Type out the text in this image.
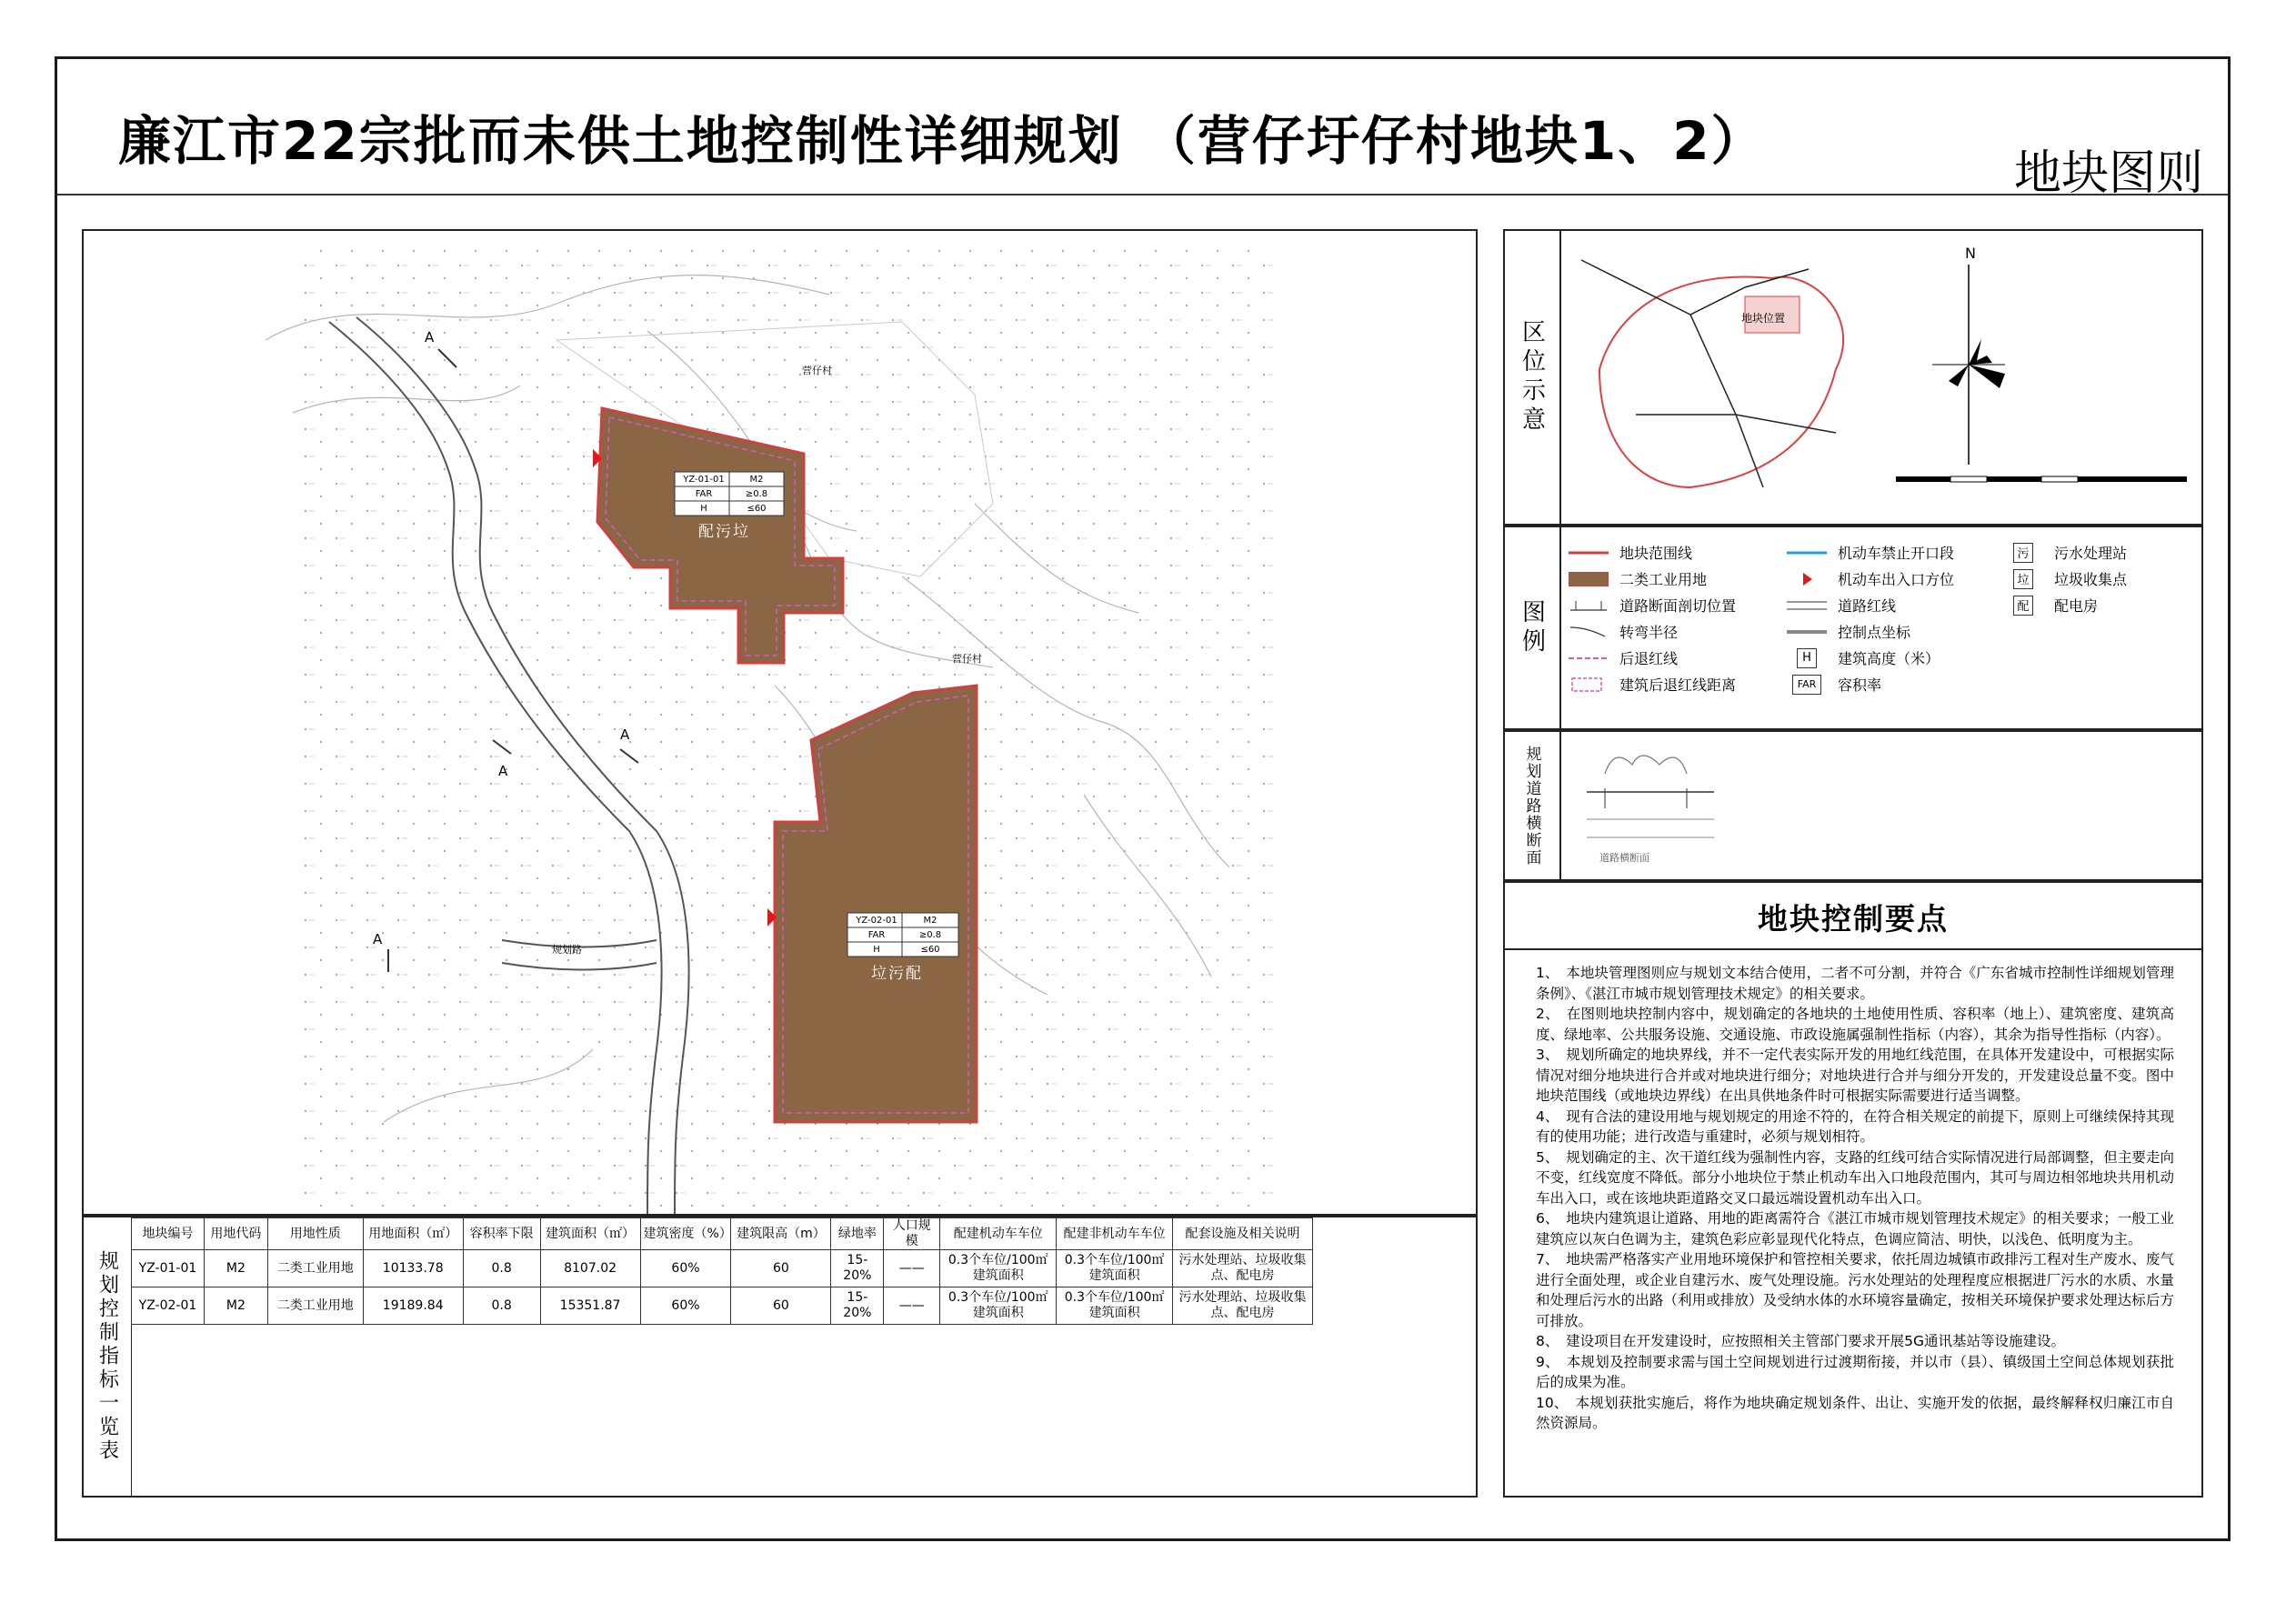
廉江市22宗批而未供土地控制性详细规划 （营仔圩仔村地块1、2）
地块图则
YZ-01-01	M2
FAR	≥0.8
H	≤60
配污垃
YZ-02-01	M2
FAR	≥0.8
H	≤60
垃污配
营仔村
营仔村
规划路
A
A
A
A
区位示意
地块位置
N
图例
地块范围线
二类工业用地
道路断面剖切位置
转弯半径
后退红线
建筑后退红线距离
机动车禁止开口段
机动车出入口方位
道路红线
控制点坐标
H	建筑高度（米）
FAR	容积率
污 污水处理站
垃 垃圾收集点
配 配电房
规划道路横断面	道路横断面
地块控制要点

1、　本地块管理图则应与规划文本结合使用，二者不可分割，并符合《广东省城市控制性详细规划管理条例》、《湛江市城市规划管理技术规定》的相关要求。

2、　在图则地块控制内容中，规划确定的各地块的土地使用性质、容积率（地上）、建筑密度、建筑高度、绿地率、公共服务设施、交通设施、市政设施属强制性指标（内容），其余为指导性指标（内容）。

3、　规划所确定的地块界线，并不一定代表实际开发的用地红线范围，在具体开发建设中，可根据实际情况对细分地块进行合并或对地块进行细分；对地块进行合并与细分开发的，开发建设总量不变。图中地块范围线（或地块边界线）在出具供地条件时可根据实际需要进行适当调整。

4、　现有合法的建设用地与规划规定的用途不符的，在符合相关规定的前提下，原则上可继续保持其现有的使用功能；进行改造与重建时，必须与规划相符。

5、　规划确定的主、次干道红线为强制性内容，支路的红线可结合实际情况进行局部调整，但主要走向不变，红线宽度不降低。部分小地块位于禁止机动车出入口地段范围内，其可与周边相邻地块共用机动车出入口，或在该地块距道路交叉口最远端设置机动车出入口。

6、　地块内建筑退让道路、用地的距离需符合《湛江市城市规划管理技术规定》的相关要求；一般工业建筑应以灰白色调为主，建筑色彩应彰显现代化特点，色调应简洁、明快，以浅色、低明度为主。

7、　地块需严格落实产业用地环境保护和管控相关要求，依托周边城镇市政排污工程对生产废水、废气进行全面处理，或企业自建污水、废气处理设施。污水处理站的处理程度应根据进厂污水的水质、水量和处理后污水的出路（利用或排放）及受纳水体的水环境容量确定，按相关环境保护要求处理达标后方可排放。

8、　建设项目在开发建设时，应按照相关主管部门要求开展5G通讯基站等设施建设。

9、　本规划及控制要求需与国土空间规划进行过渡期衔接，并以市（县）、镇级国土空间总体规划获批后的成果为准。

10、　本规划获批实施后，将作为地块确定规划条件、出让、实施开发的依据，最终解释权归廉江市自然资源局。

规划控制指标一览表
地块编号	用地代码	用地性质	用地面积（㎡）	容积率下限	建筑面积（㎡）	建筑密度（%）	建筑限高（m）	绿地率	人口规模	配建机动车车位	配建非机动车车位	配套设施及相关说明
YZ-01-01	M2	二类工业用地	10133.78	0.8	8107.02	60%	60	15-20%	——	0.3个车位/100㎡建筑面积	0.3个车位/100㎡建筑面积	污水处理站、垃圾收集点、配电房
YZ-02-01	M2	二类工业用地	19189.84	0.8	15351.87	60%	60	15-20%	——	0.3个车位/100㎡建筑面积	0.3个车位/100㎡建筑面积	污水处理站、垃圾收集点、配电房
